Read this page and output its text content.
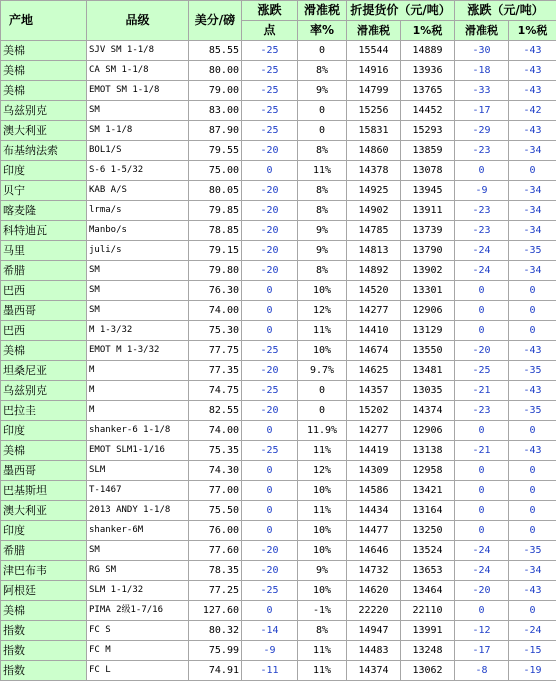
产地	品级	美分/磅	涨跌	滑准税	折提货价（元/吨）		涨跌（元/吨）	
			点	率%	滑准税	1%税	滑准税	1%税
美棉	SJV SM 1-1/8	85.55	-25	0	15544	14889	-30	-43
美棉	CA SM 1-1/8	80.00	-25	8%	14916	13936	-18	-43
美棉	EMOT SM 1-1/8	79.00	-25	9%	14799	13765	-33	-43
乌兹别克	SM	83.00	-25	0	15256	14452	-17	-42
澳大利亚	SM 1-1/8	87.90	-25	0	15831	15293	-29	-43
布基纳法索	BOL1/S	79.55	-20	8%	14860	13859	-23	-34
印度	S-6 1-5/32	75.00	0	11%	14378	13078	0	0
贝宁	KAB A/S	80.05	-20	8%	14925	13945	-9	-34
喀麦隆	lrma/s	79.85	-20	8%	14902	13911	-23	-34
科特迪瓦	Manbo/s	78.85	-20	9%	14785	13739	-23	-34
马里	juli/s	79.15	-20	9%	14813	13790	-24	-35
希腊	SM	79.80	-20	8%	14892	13902	-24	-34
巴西	SM	76.30	0	10%	14520	13301	0	0
墨西哥	SM	74.00	0	12%	14277	12906	0	0
巴西	M 1-3/32	75.30	0	11%	14410	13129	0	0
美棉	EMOT M 1-3/32	77.75	-25	10%	14674	13550	-20	-43
坦桑尼亚	M	77.35	-20	9.7%	14625	13481	-25	-35
乌兹别克	M	74.75	-25	0	14357	13035	-21	-43
巴拉圭	M	82.55	-20	0	15202	14374	-23	-35
印度	shanker-6 1-1/8	74.00	0	11.9%	14277	12906	0	0
美棉	EMOT SLM1-1/16	75.35	-25	11%	14419	13138	-21	-43
墨西哥	SLM	74.30	0	12%	14309	12958	0	0
巴基斯坦	T-1467	77.00	0	10%	14586	13421	0	0
澳大利亚	2013 ANDY 1-1/8	75.50	0	11%	14434	13164	0	0
印度	shanker-6M	76.00	0	10%	14477	13250	0	0
希腊	SM	77.60	-20	10%	14646	13524	-24	-35
津巴布韦	RG SM	78.35	-20	9%	14732	13653	-24	-34
阿根廷	SLM 1-1/32	77.25	-25	10%	14620	13464	-20	-43
美棉	PIMA 2级1-7/16	127.60	0	-1%	22220	22110	0	0
指数	FC S	80.32	-14	8%	14947	13991	-12	-24
指数	FC M	75.99	-9	11%	14483	13248	-17	-15
指数	FC L	74.91	-11	11%	14374	13062	-8	-19
